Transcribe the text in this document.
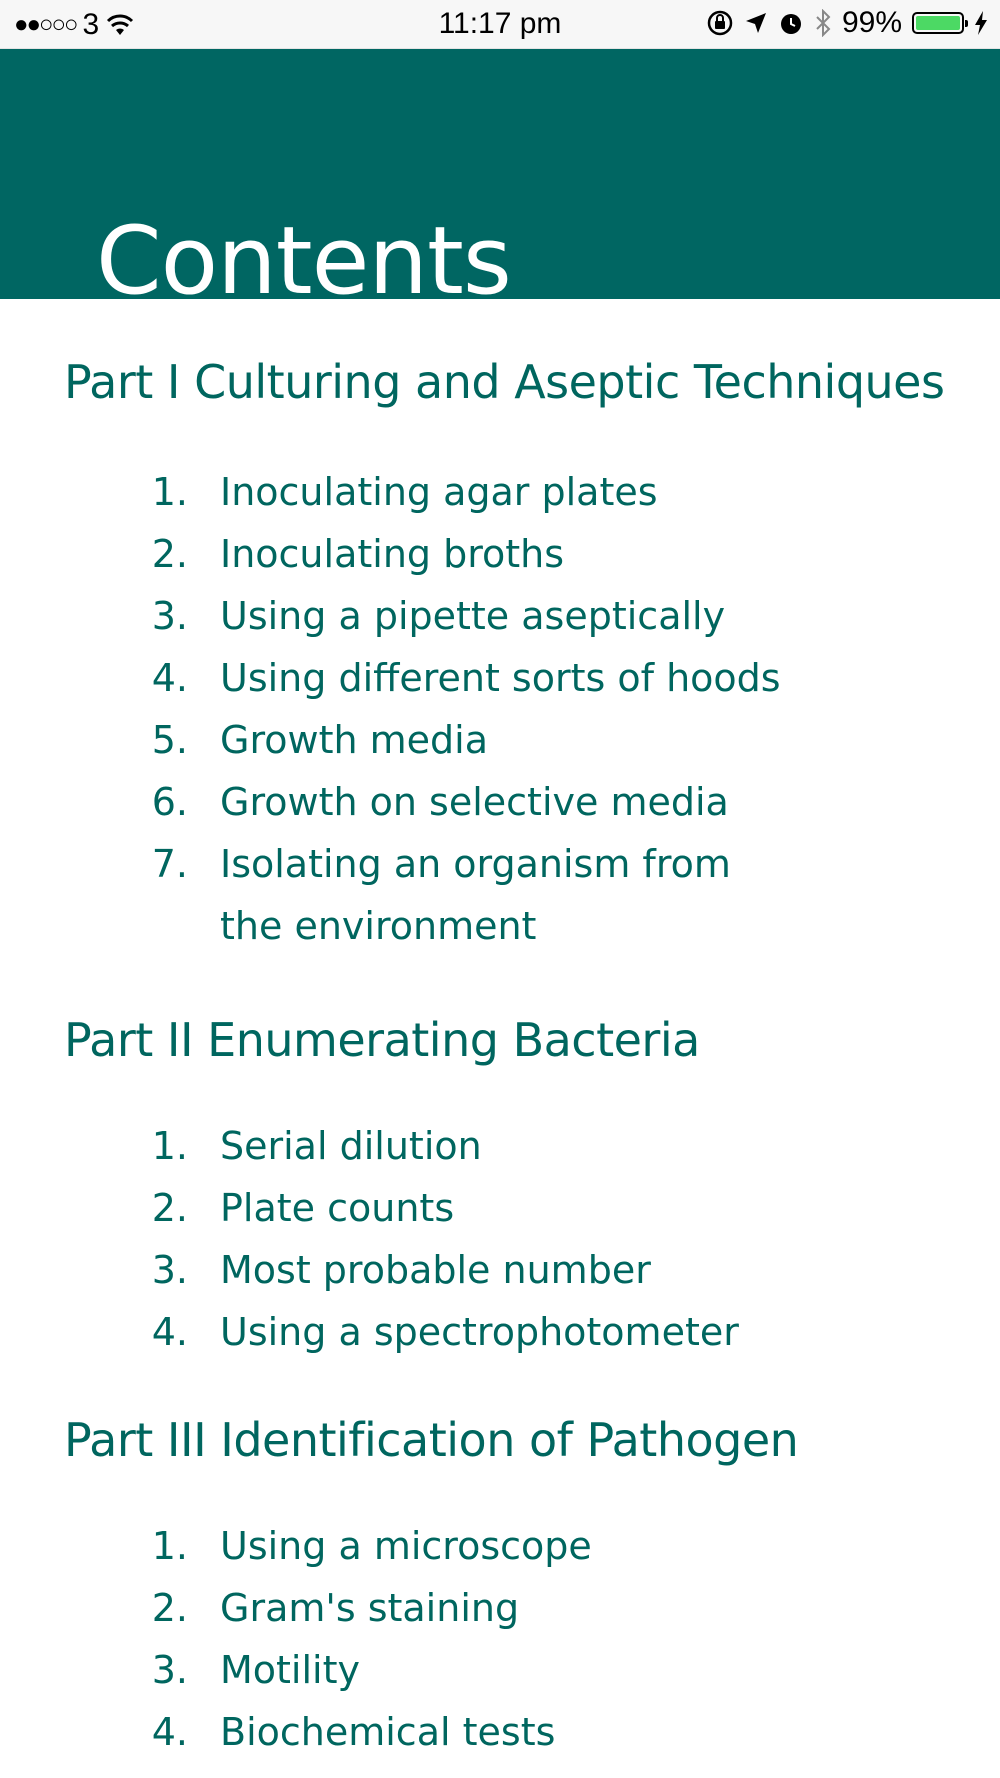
●●○○○ 3	11:17 pm	99%
Contents
Part I Culturing and Aseptic Techniques
1. Inoculating agar plates
2. Inoculating broths
3. Using a pipette aseptically
4. Using different sorts of hoods
5. Growth media
6. Growth on selective media
7. Isolating an organism from the environment
Part II Enumerating Bacteria
1. Serial dilution
2. Plate counts
3. Most probable number
4. Using a spectrophotometer
Part III Identification of Pathogen
1. Using a microscope
2. Gram's staining
3. Motility
4. Biochemical tests
